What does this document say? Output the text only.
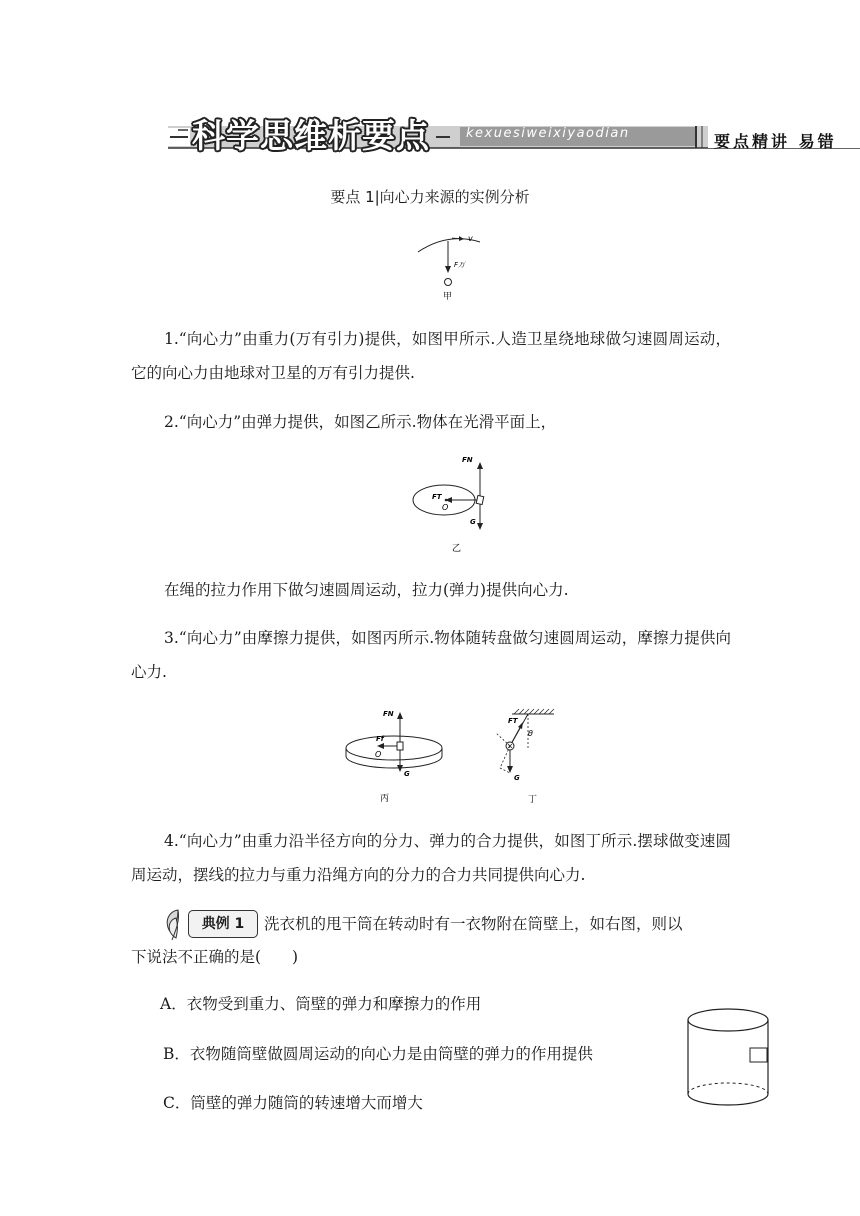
科学思维析要点	kexuesiweixiyaodian	要点精讲 易错
要点 1|向心力来源的实例分析
v
F万
甲
1.“向心力”由重力(万有引力)提供，如图甲所示.人造卫星绕地球做匀速圆周运动，它的向心力由地球对卫星的万有引力提供.
2.“向心力”由弹力提供，如图乙所示.物体在光滑平面上，
FN
FT
O
G
乙
在绳的拉力作用下做匀速圆周运动，拉力(弹力)提供向心力.
3.“向心力”由摩擦力提供，如图丙所示.物体随转盘做匀速圆周运动，摩擦力提供向心力.
FN
Ff
O
G
丙
FT
θ
G
丁
4.“向心力”由重力沿半径方向的分力、弹力的合力提供，如图丁所示.摆球做变速圆周运动，摆线的拉力与重力沿绳方向的分力的合力共同提供向心力.
典例 1	洗衣机的甩干筒在转动时有一衣物附在筒壁上，如右图，则以
下说法不正确的是(　　)
A．衣物受到重力、筒壁的弹力和摩擦力的作用
B．衣物随筒壁做圆周运动的向心力是由筒壁的弹力的作用提供
C．筒壁的弹力随筒的转速增大而增大
